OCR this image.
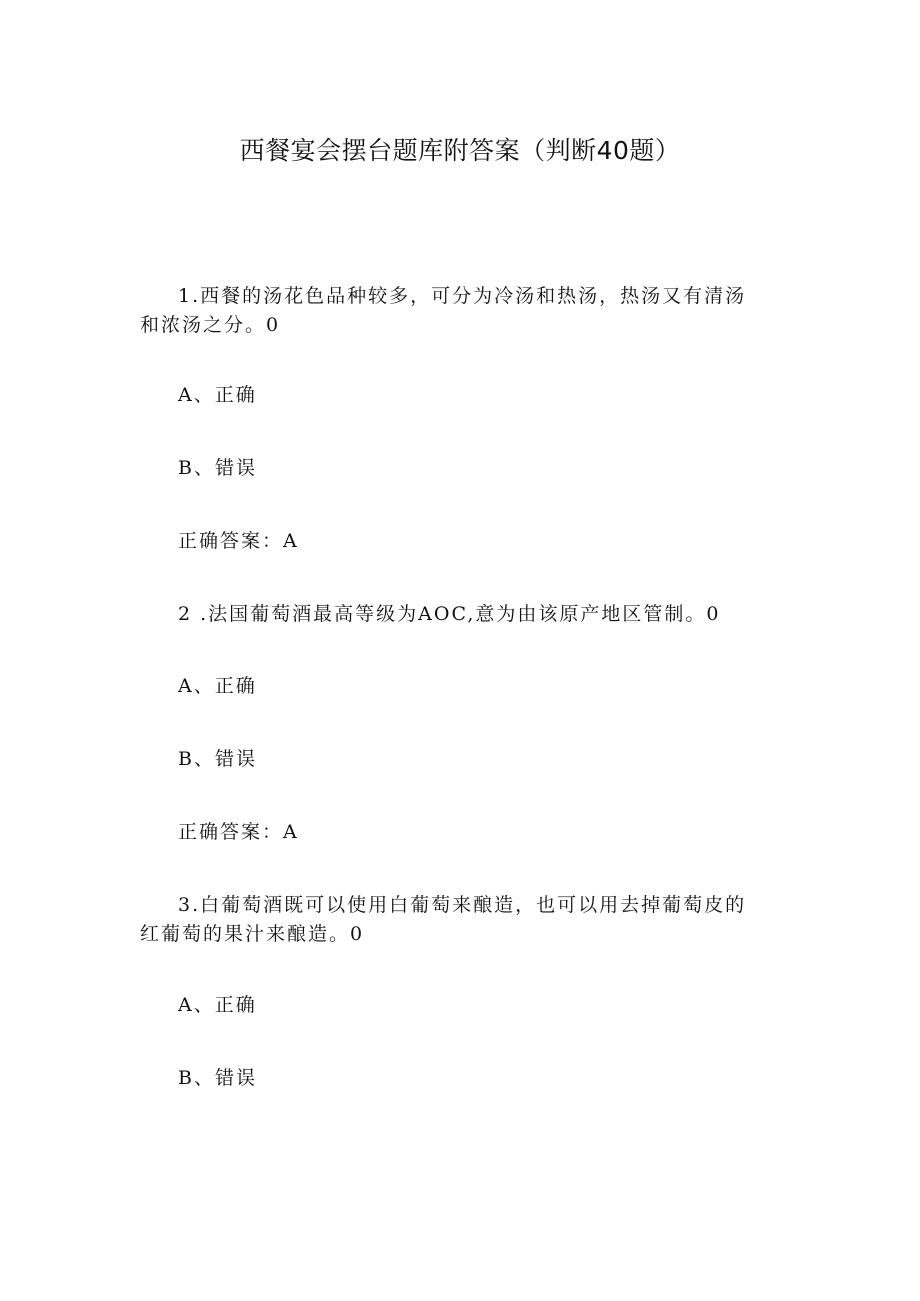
西餐宴会摆台题库附答案（判断40题）

1.西餐的汤花色品种较多，可分为冷汤和热汤，热汤又有清汤

和浓汤之分。0

A、正确

B、错误

正确答案：A

2 .法国葡萄酒最高等级为AOC,意为由该原产地区管制。0

A、正确

B、错误

正确答案：A

3.白葡萄酒既可以使用白葡萄来酿造，也可以用去掉葡萄皮的

红葡萄的果汁来酿造。0

A、正确

B、错误
